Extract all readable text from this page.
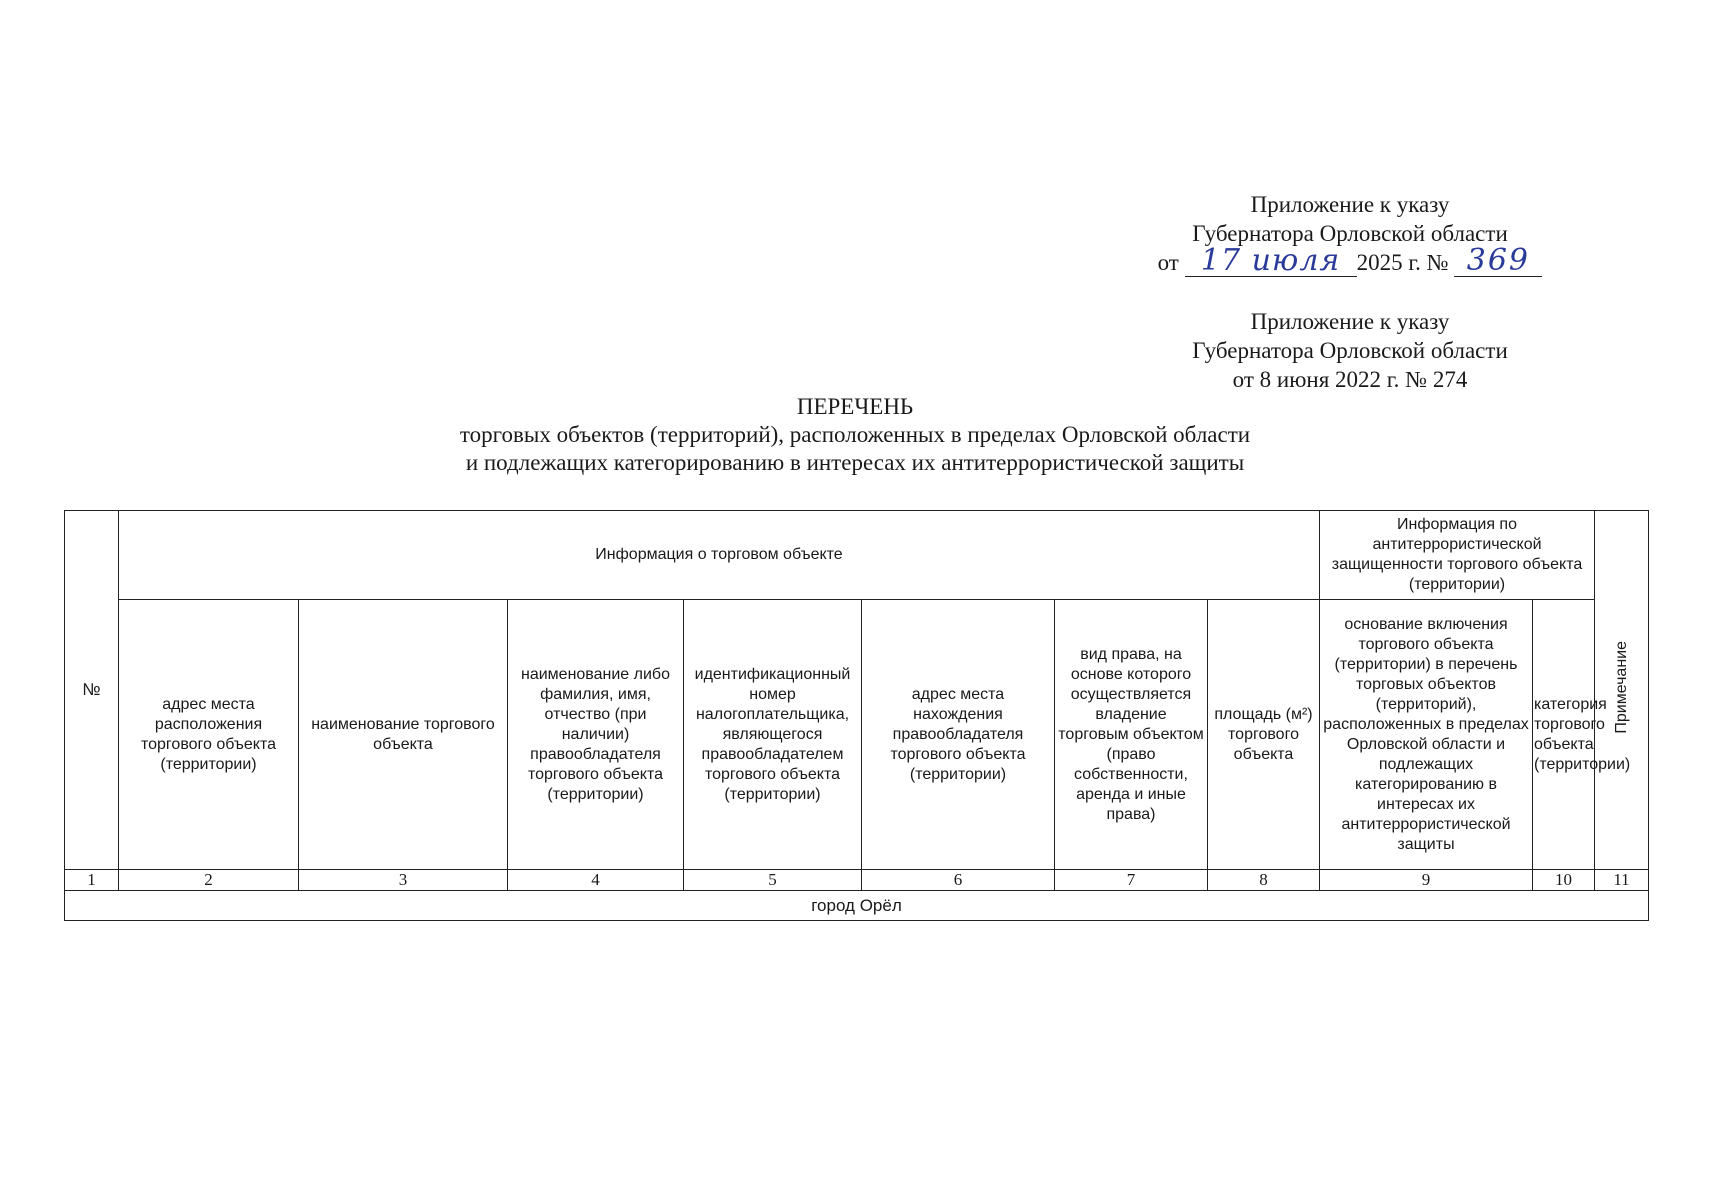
Приложение к указу
Губернатора Орловской области
от 17 июля 2025 г. № 369
Приложение к указу
Губернатора Орловской области
от 8 июня 2022 г. № 274
ПЕРЕЧЕНЬ
торговых объектов (территорий), расположенных в пределах Орловской области
и подлежащих категорированию в интересах их антитеррористической защиты
№	Информация о торговом объекте							Информация по антитеррористической защищенности торгового объекта (территории)		Примечание
	адрес места расположения торгового объекта (территории)	наименование торгового объекта	наименование либо фамилия, имя, отчество (при наличии) правообладателя торгового объекта (территории)	идентификационный номер налогоплательщика, являющегося правообладателем торгового объекта (территории)	адрес места нахождения правообладателя торгового объекта (территории)	вид права, на основе которого осуществляется владение торговым объектом (право собственности, аренда и иные права)	площадь (м²) торгового объекта	основание включения торгового объекта (территории) в перечень торговых объектов (территорий), расположенных в пределах Орловской области и подлежащих категорированию в интересах их антитеррористической защиты	категория торгового объекта (территории)	
1	2	3	4	5	6	7	8	9	10	11
город Орёл										
